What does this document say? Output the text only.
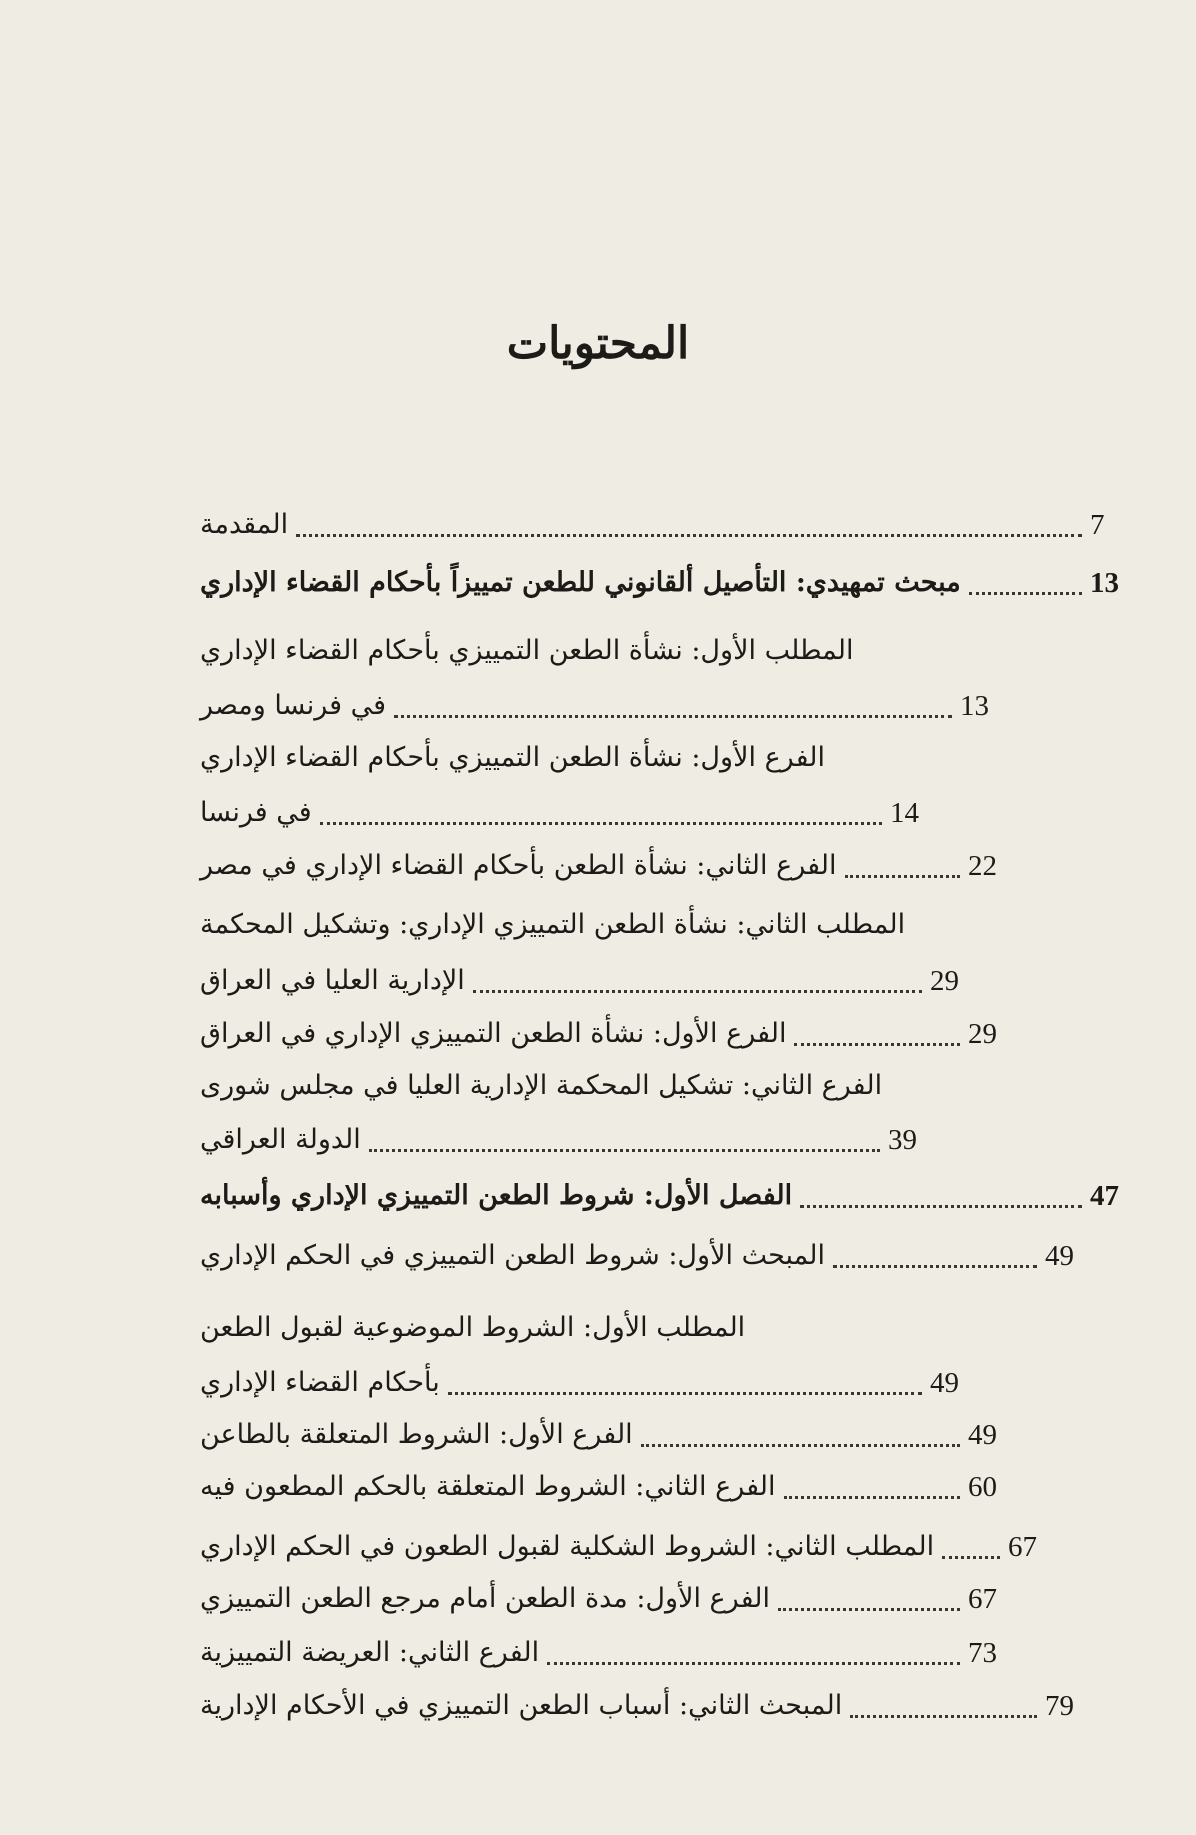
المحتويات
المقدمة	7
مبحث تمهيدي: التأصيل ألقانوني للطعن تمييزاً بأحكام القضاء الإداري	13
المطلب الأول: نشأة الطعن التمييزي بأحكام القضاء الإداري
في فرنسا ومصر	13
الفرع الأول: نشأة الطعن التمييزي بأحكام القضاء الإداري
في فرنسا	14
الفرع الثاني: نشأة الطعن بأحكام القضاء الإداري في مصر	22
المطلب الثاني: نشأة الطعن التمييزي الإداري: وتشكيل المحكمة
الإدارية العليا في العراق	29
الفرع الأول: نشأة الطعن التمييزي الإداري في العراق	29
الفرع الثاني: تشكيل المحكمة الإدارية العليا في مجلس شورى
الدولة العراقي	39
الفصل الأول: شروط الطعن التمييزي الإداري وأسبابه	47
المبحث الأول: شروط الطعن التمييزي في الحكم الإداري	49
المطلب الأول: الشروط الموضوعية لقبول الطعن
بأحكام القضاء الإداري	49
الفرع الأول: الشروط المتعلقة بالطاعن	49
الفرع الثاني: الشروط المتعلقة بالحكم المطعون فيه	60
المطلب الثاني: الشروط الشكلية لقبول الطعون في الحكم الإداري	67
الفرع الأول: مدة الطعن أمام مرجع الطعن التمييزي	67
الفرع الثاني: العريضة التمييزية	73
المبحث الثاني: أسباب الطعن التمييزي في الأحكام الإدارية	79
